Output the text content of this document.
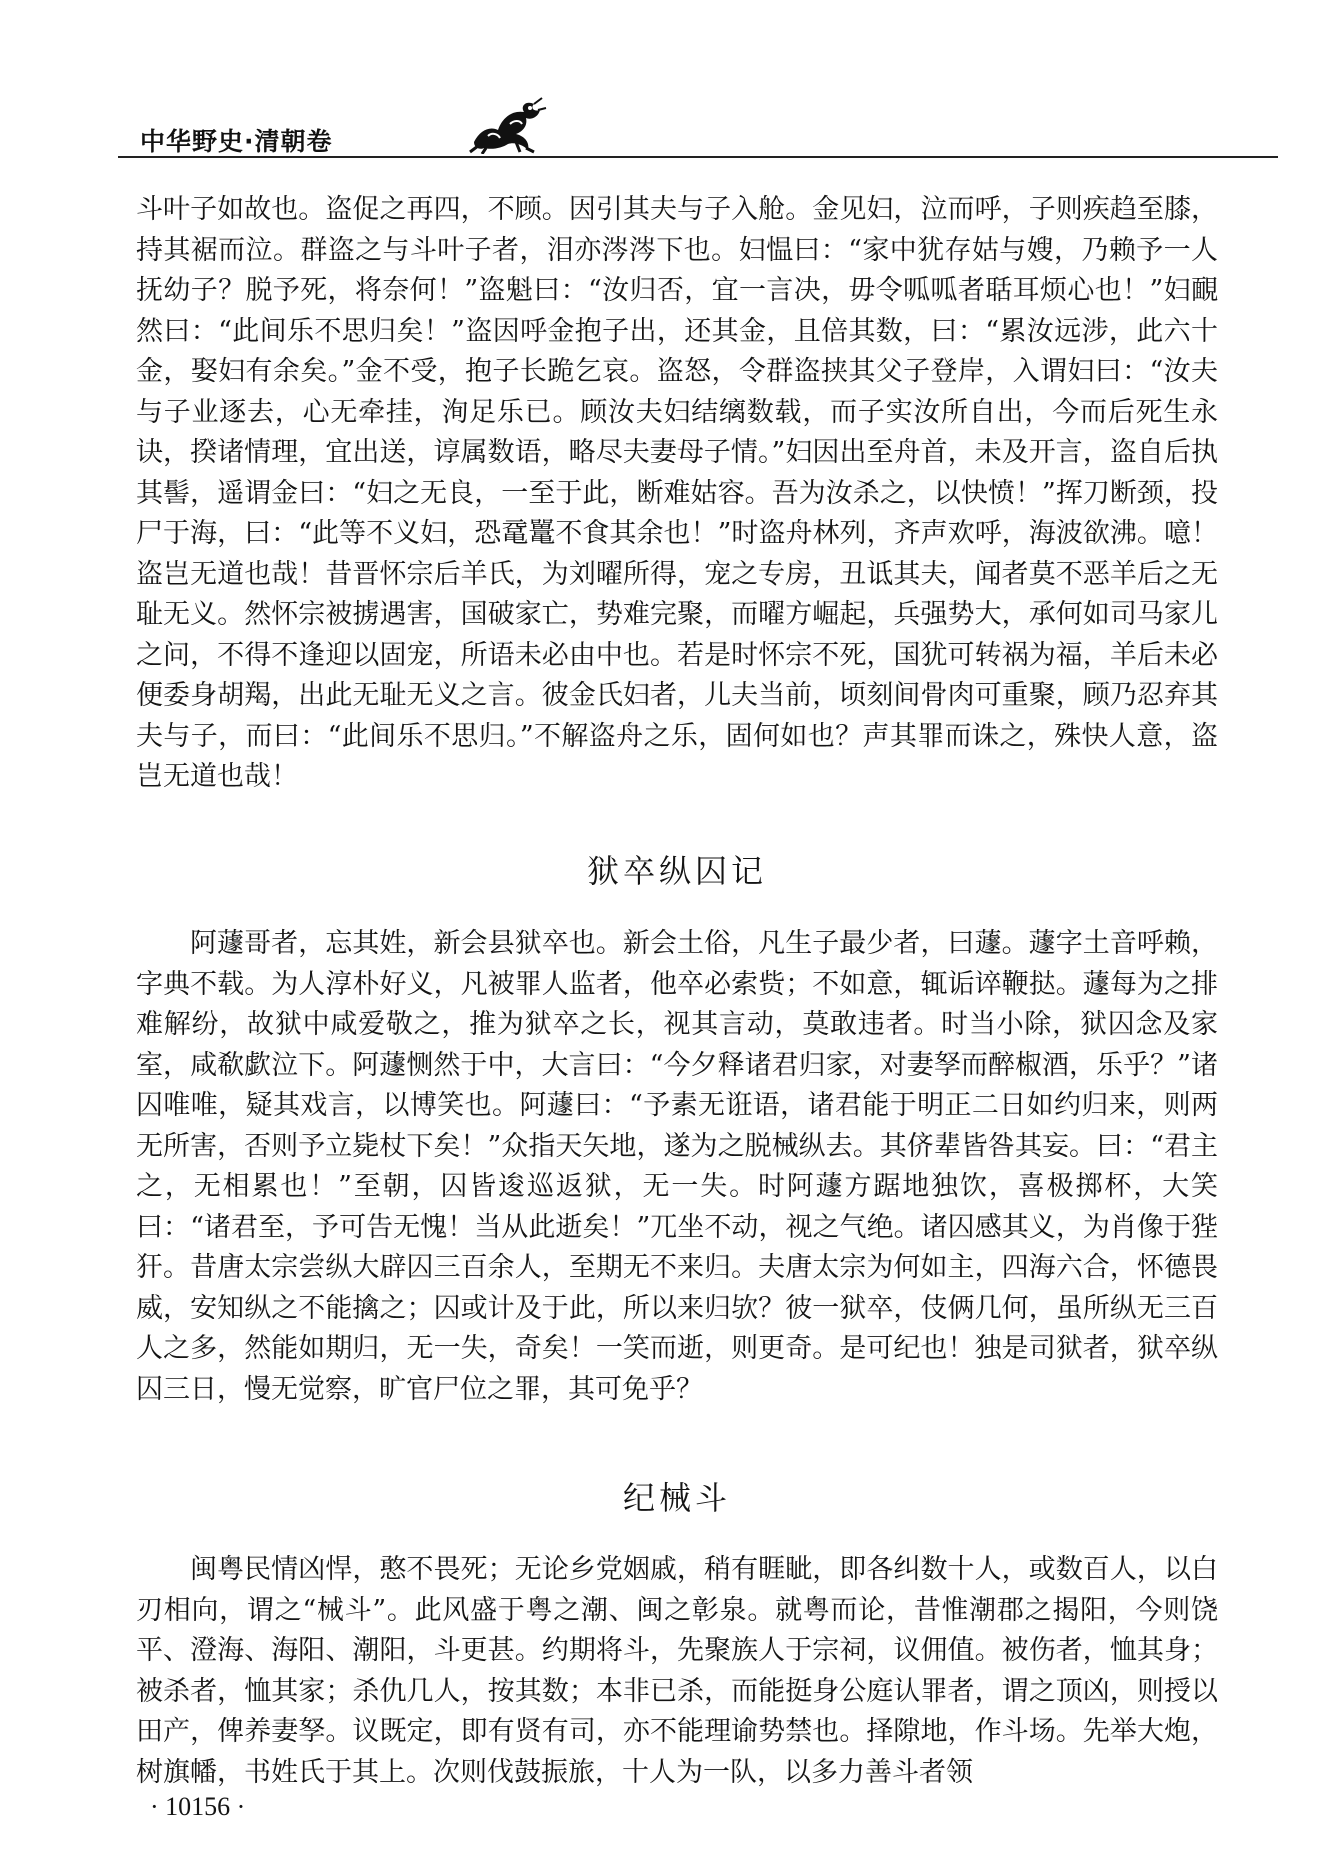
中华野史·清朝卷

斗叶子如故也。盗促之再四，不顾。因引其夫与子入舱。金见妇，泣而呼，子则疾趋至膝，持其裾而泣。群盗之与斗叶子者，泪亦涔涔下也。妇愠曰：“家中犹存姑与嫂，乃赖予一人抚幼子？脱予死，将奈何！”盗魁曰：“汝归否，宜一言决，毋令呱呱者聒耳烦心也！”妇靦然曰：“此间乐不思归矣！”盗因呼金抱子出，还其金，且倍其数，曰：“累汝远涉，此六十金，娶妇有余矣。”金不受，抱子长跪乞哀。盗怒，令群盗挟其父子登岸，入谓妇曰：“汝夫与子业逐去，心无牵挂，洵足乐已。顾汝夫妇结缡数载，而子实汝所自出，今而后死生永诀，揆诸情理，宜出送，谆属数语，略尽夫妻母子情。”妇因出至舟首，未及开言，盗自后执其髻，遥谓金曰：“妇之无良，一至于此，断难姑容。吾为汝杀之，以快愤！”挥刀断颈，投尸于海，曰：“此等不义妇，恐鼋鼍不食其余也！”时盗舟林列，齐声欢呼，海波欲沸。噫！盗岂无道也哉！昔晋怀宗后羊氏，为刘曜所得，宠之专房，丑诋其夫，闻者莫不恶羊后之无耻无义。然怀宗被掳遇害，国破家亡，势难完聚，而曜方崛起，兵强势大，承何如司马家儿之问，不得不逢迎以固宠，所语未必由中也。若是时怀宗不死，国犹可转祸为福，羊后未必便委身胡羯，出此无耻无义之言。彼金氏妇者，儿夫当前，顷刻间骨肉可重聚，顾乃忍弃其夫与子，而曰：“此间乐不思归。”不解盗舟之乐，固何如也？声其罪而诛之，殊快人意，盗岂无道也哉！

狱卒纵囚记

阿蘧哥者，忘其姓，新会县狱卒也。新会土俗，凡生子最少者，曰蘧。蘧字土音呼赖，字典不载。为人淳朴好义，凡被罪人监者，他卒必索赀；不如意，辄诟谇鞭挞。蘧每为之排难解纷，故狱中咸爱敬之，推为狱卒之长，视其言动，莫敢违者。时当小除，狱囚念及家室，咸欷歔泣下。阿蘧恻然于中，大言曰：“今夕释诸君归家，对妻孥而醉椒酒，乐乎？”诸囚唯唯，疑其戏言，以博笑也。阿蘧曰：“予素无诳语，诸君能于明正二日如约归来，则两无所害，否则予立毙杖下矣！”众指天矢地，遂为之脱械纵去。其侪辈皆咎其妄。曰：“君主之，无相累也！”至朝，囚皆逡巡返狱，无一失。时阿蘧方踞地独饮，喜极掷杯，大笑曰：“诸君至，予可告无愧！当从此逝矣！”兀坐不动，视之气绝。诸囚感其义，为肖像于狴犴。昔唐太宗尝纵大辟囚三百余人，至期无不来归。夫唐太宗为何如主，四海六合，怀德畏威，安知纵之不能擒之；囚或计及于此，所以来归欤？彼一狱卒，伎俩几何，虽所纵无三百人之多，然能如期归，无一失，奇矣！一笑而逝，则更奇。是可纪也！独是司狱者，狱卒纵囚三日，慢无觉察，旷官尸位之罪，其可免乎？

纪械斗

闽粤民情凶悍，憨不畏死；无论乡党姻戚，稍有睚眦，即各纠数十人，或数百人，以白刃相向，谓之“械斗”。此风盛于粤之潮、闽之彰泉。就粤而论，昔惟潮郡之揭阳，今则饶平、澄海、海阳、潮阳，斗更甚。约期将斗，先聚族人于宗祠，议佣值。被伤者，恤其身；被杀者，恤其家；杀仇几人，按其数；本非已杀，而能挺身公庭认罪者，谓之顶凶，则授以田产，俾养妻孥。议既定，即有贤有司，亦不能理谕势禁也。择隙地，作斗场。先举大炮，树旗幡，书姓氏于其上。次则伐鼓振旅，十人为一队，以多力善斗者领

· 10156 ·
